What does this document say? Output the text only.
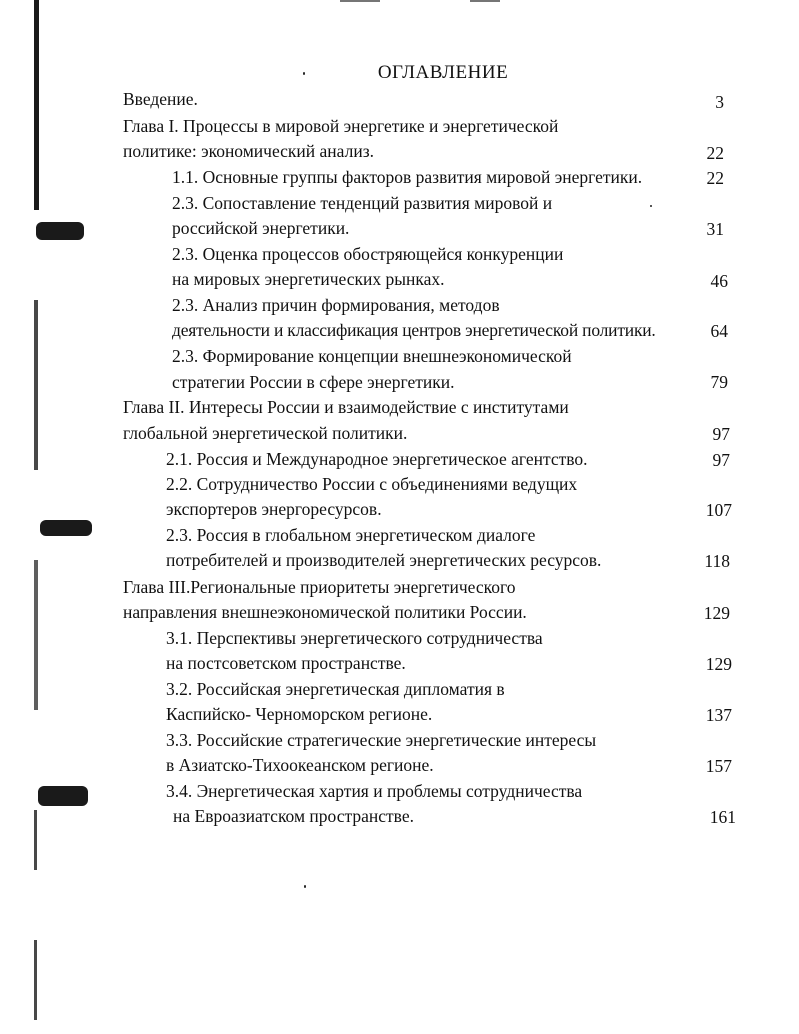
ОГЛАВЛЕНИЕ
Введение.	3
Глава I. Процессы в мировой энергетике и энергетической
политике: экономический анализ.	22
1.1. Основные группы факторов развития мировой энергетики.	22
2.3. Сопоставление тенденций развития мировой и
российской энергетики.	31
2.3. Оценка процессов обостряющейся конкуренции
на мировых энергетических рынках.	46
2.3. Анализ причин формирования, методов
деятельности и классификация центров энергетической политики.	64
2.3. Формирование концепции внешнеэкономической
стратегии России в сфере энергетики.	79
Глава II. Интересы России и взаимодействие с институтами
глобальной энергетической политики.	97
2.1. Россия и Международное энергетическое агентство.	97
2.2. Сотрудничество России с объединениями ведущих
экспортеров энергоресурсов.	107
2.3. Россия в глобальном энергетическом диалоге
потребителей и производителей энергетических ресурсов.	118
Глава III.Региональные приоритеты энергетического
направления внешнеэкономической политики России.	129
3.1. Перспективы энергетического сотрудничества
на постсоветском пространстве.	129
3.2. Российская энергетическая дипломатия в
Каспийско- Черноморском регионе.	137
3.3. Российские стратегические энергетические интересы
в Азиатско-Тихоокеанском регионе.	157
3.4. Энергетическая хартия и проблемы сотрудничества
на Евроазиатском пространстве.	161
